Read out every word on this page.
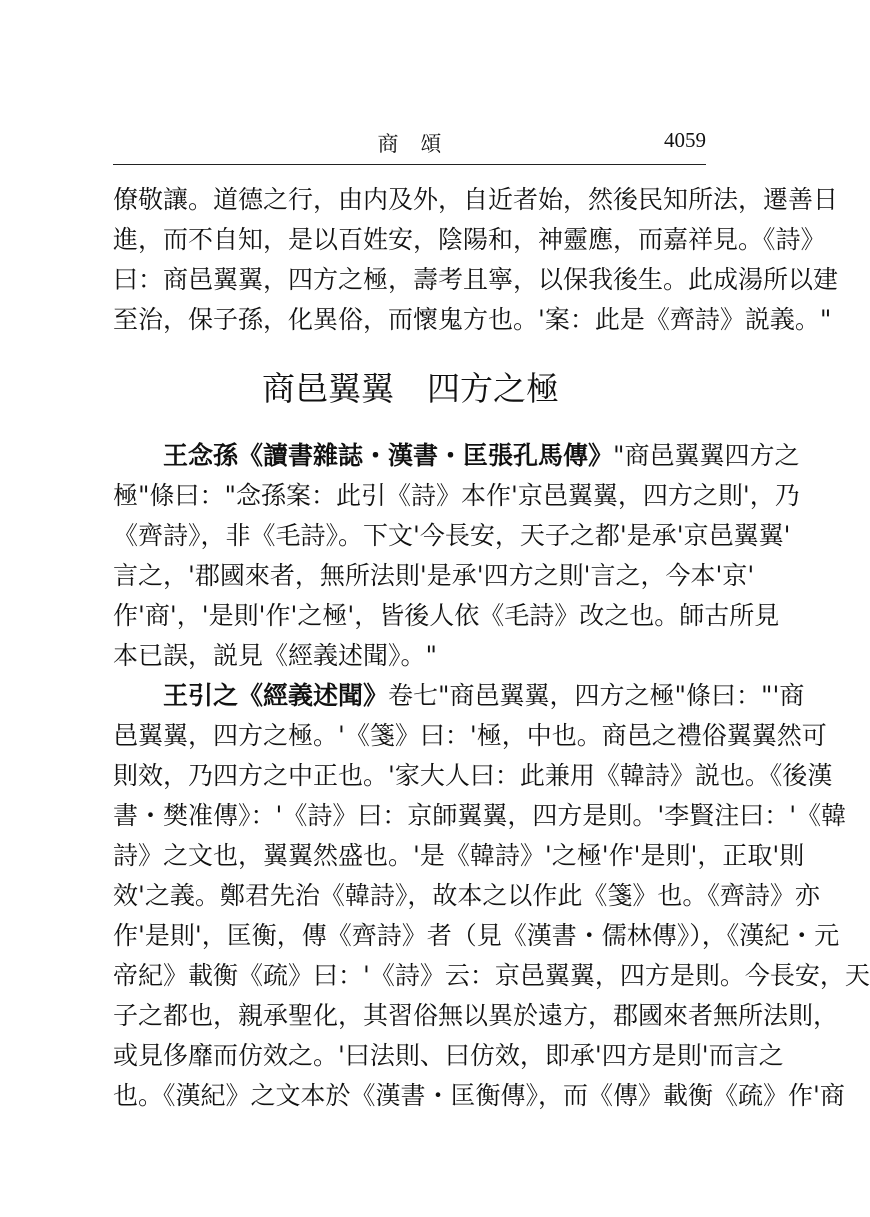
商頌	4059
僚敬讓。道德之行，由内及外，自近者始，然後民知所法，遷善日
進，而不自知，是以百姓安，陰陽和，神靈應，而嘉祥見。《詩》
曰：商邑翼翼，四方之極，壽考且寧，以保我後生。此成湯所以建
至治，保子孫，化異俗，而懷鬼方也。'案：此是《齊詩》説義。"
商邑翼翼　四方之極
王念孫《讀書雜誌・漢書・匡張孔馬傳》"商邑翼翼四方之
極"條曰："念孫案：此引《詩》本作'京邑翼翼，四方之則'，乃
《齊詩》，非《毛詩》。下文'今長安，天子之都'是承'京邑翼翼'
言之，'郡國來者，無所法則'是承'四方之則'言之，今本'京'
作'商'，'是則'作'之極'，皆後人依《毛詩》改之也。師古所見
本已誤，説見《經義述聞》。"
王引之《經義述聞》卷七"商邑翼翼，四方之極"條曰："'商
邑翼翼，四方之極。'《箋》曰：'極，中也。商邑之禮俗翼翼然可
則效，乃四方之中正也。'家大人曰：此兼用《韓詩》説也。《後漢
書・樊准傳》：'《詩》曰：京師翼翼，四方是則。'李賢注曰：'《韓
詩》之文也，翼翼然盛也。'是《韓詩》'之極'作'是則'，正取'則
效'之義。鄭君先治《韓詩》，故本之以作此《箋》也。《齊詩》亦
作'是則'，匡衡，傳《齊詩》者（見《漢書・儒林傳》），《漢紀・元
帝紀》載衡《疏》曰：'《詩》云：京邑翼翼，四方是則。今長安，天
子之都也，親承聖化，其習俗無以異於遠方，郡國來者無所法則，
或見侈靡而仿效之。'曰法則、曰仿效，即承'四方是則'而言之
也。《漢紀》之文本於《漢書・匡衡傳》，而《傳》載衡《疏》作'商
